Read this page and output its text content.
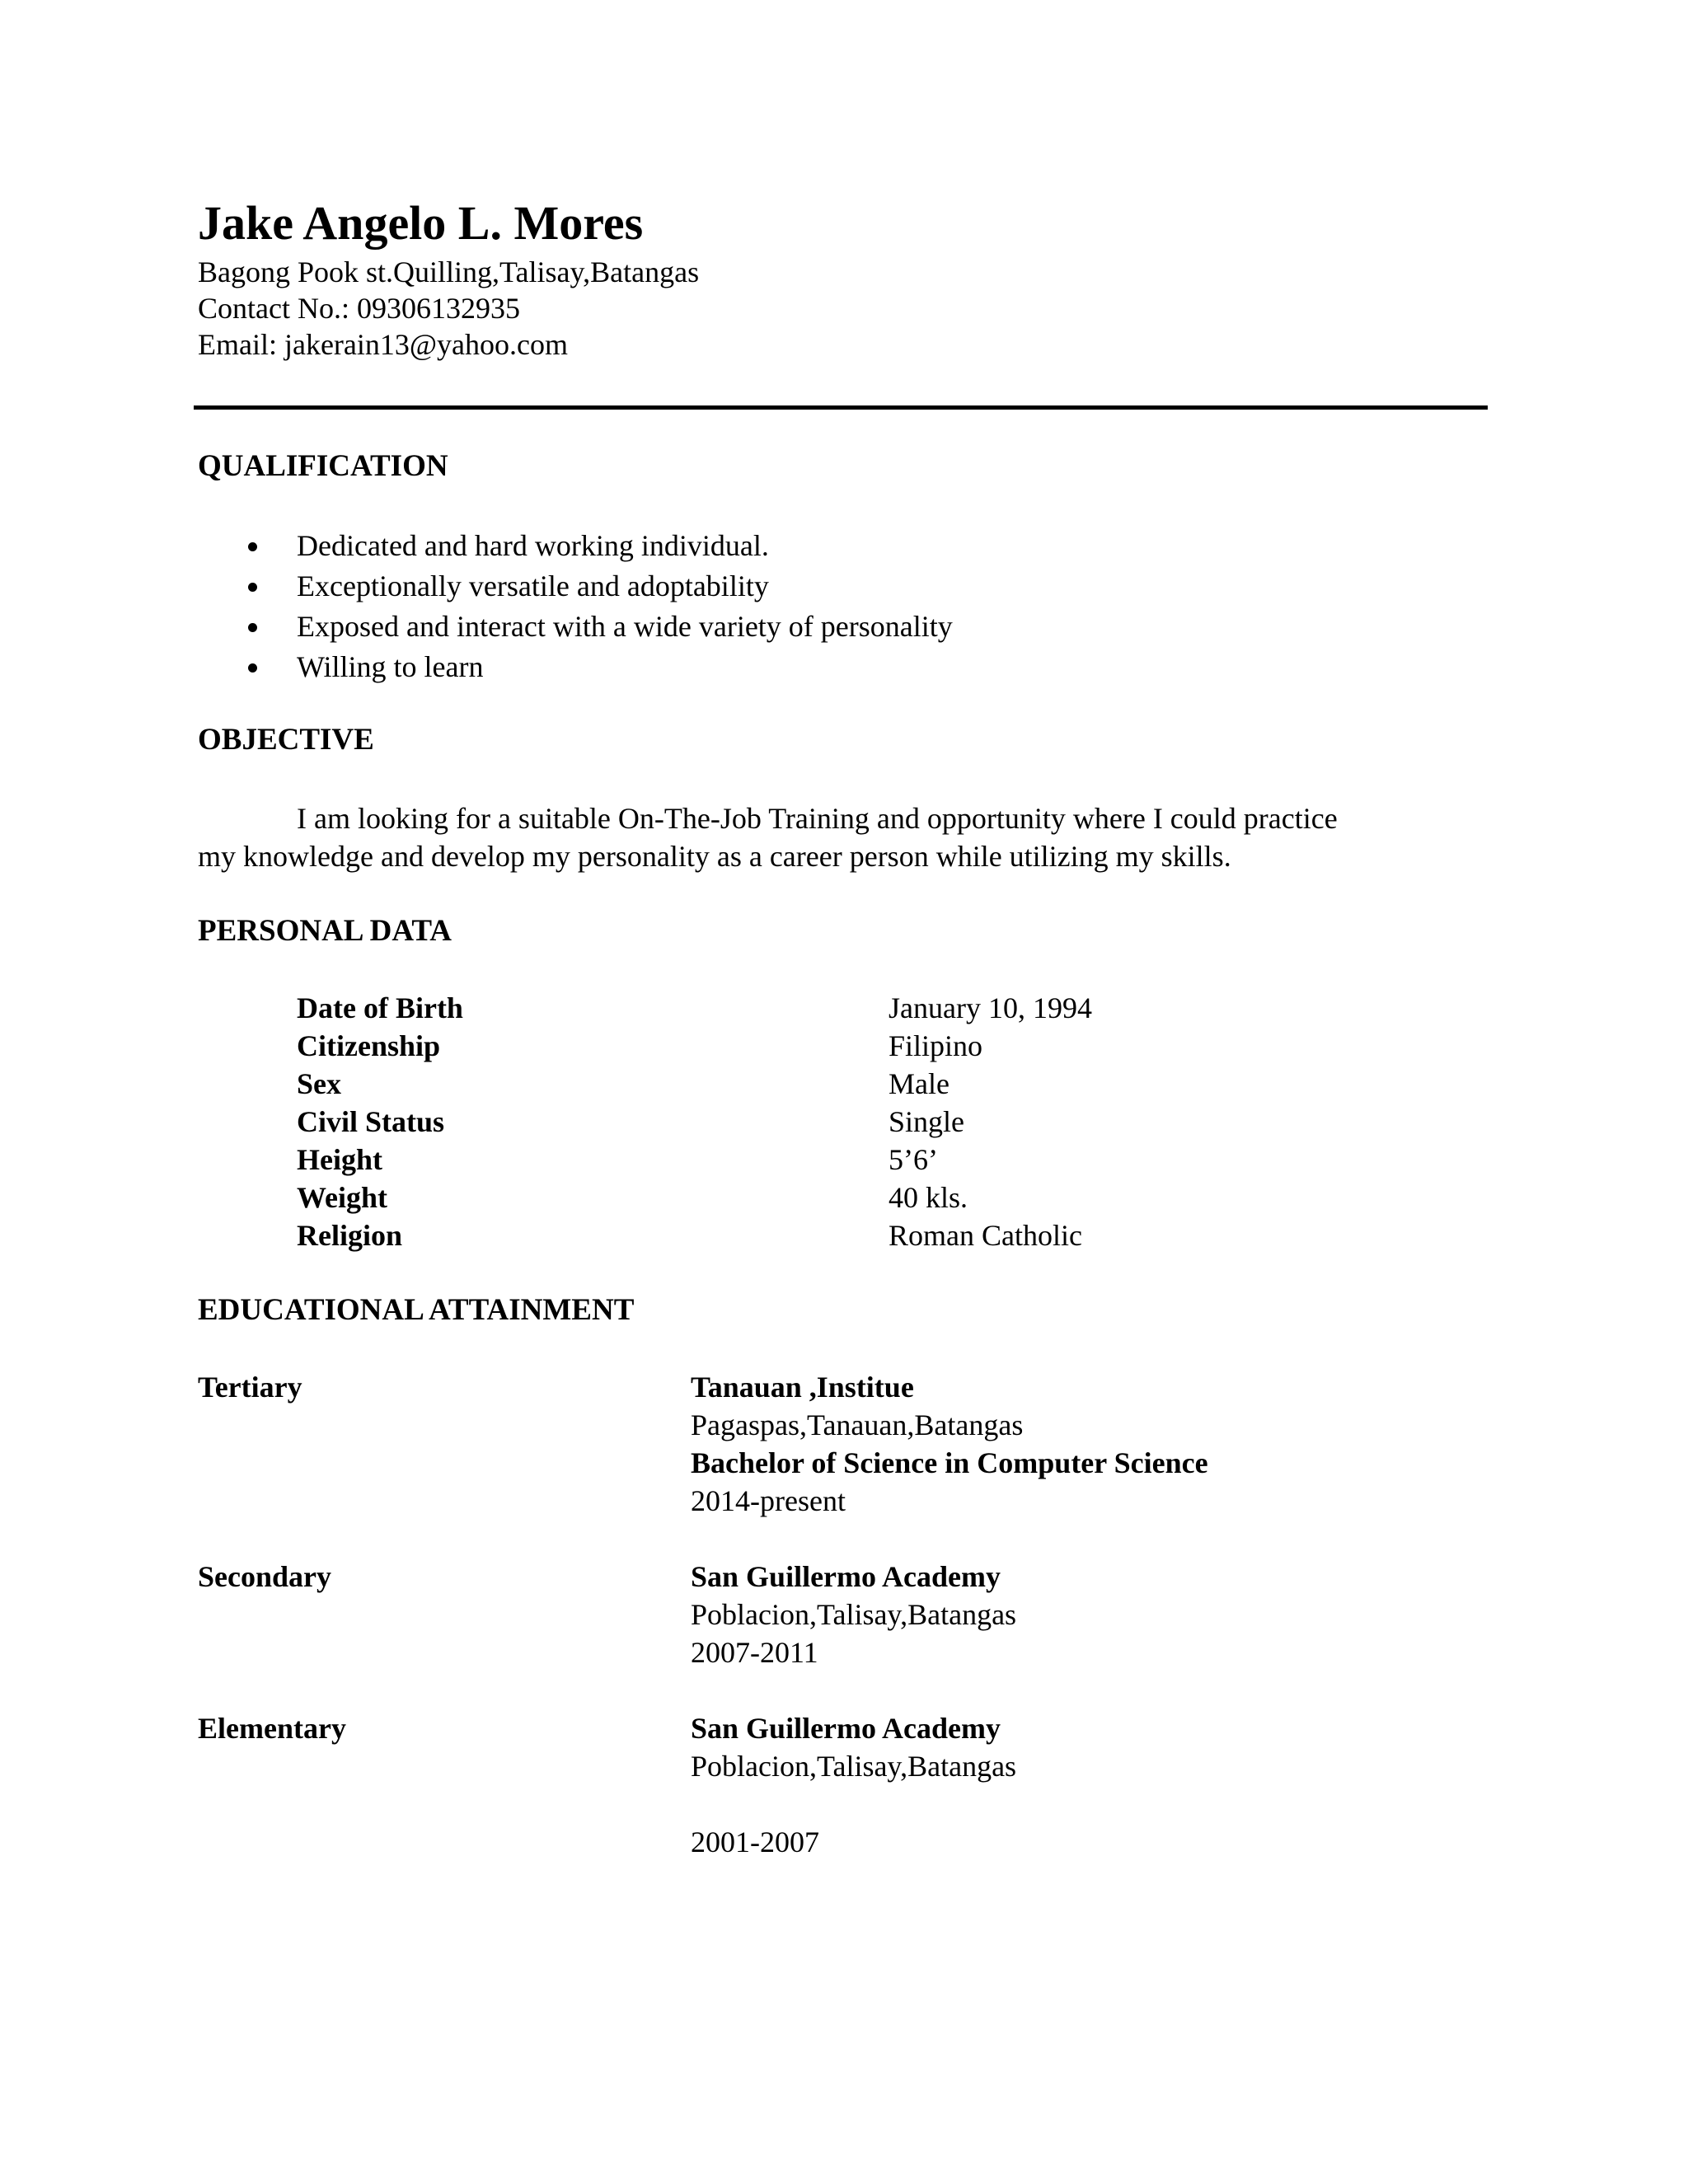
Jake Angelo L. Mores
Bagong Pook st.Quilling,Talisay,Batangas
Contact No.: 09306132935
Email: jakerain13@yahoo.com
QUALIFICATION
Dedicated and hard working individual.
Exceptionally versatile and adoptability
Exposed and interact with a wide variety of personality
Willing to learn
OBJECTIVE

I am looking for a suitable On-The-Job Training and opportunity where I could practice

my knowledge and develop my personality as a career person while utilizing my skills.

PERSONAL DATA
Date of Birth	January 10, 1994
Citizenship	Filipino
Sex	Male
Civil Status	Single
Height	5’6’
Weight	40 kls.
Religion	Roman Catholic
EDUCATIONAL ATTAINMENT
Tertiary	Tanauan ,Institue
Pagaspas,Tanauan,Batangas
Bachelor of Science in Computer Science
2014-present
Secondary	San Guillermo Academy
Poblacion,Talisay,Batangas
2007-2011
Elementary	San Guillermo Academy
Poblacion,Talisay,Batangas
2001-2007
